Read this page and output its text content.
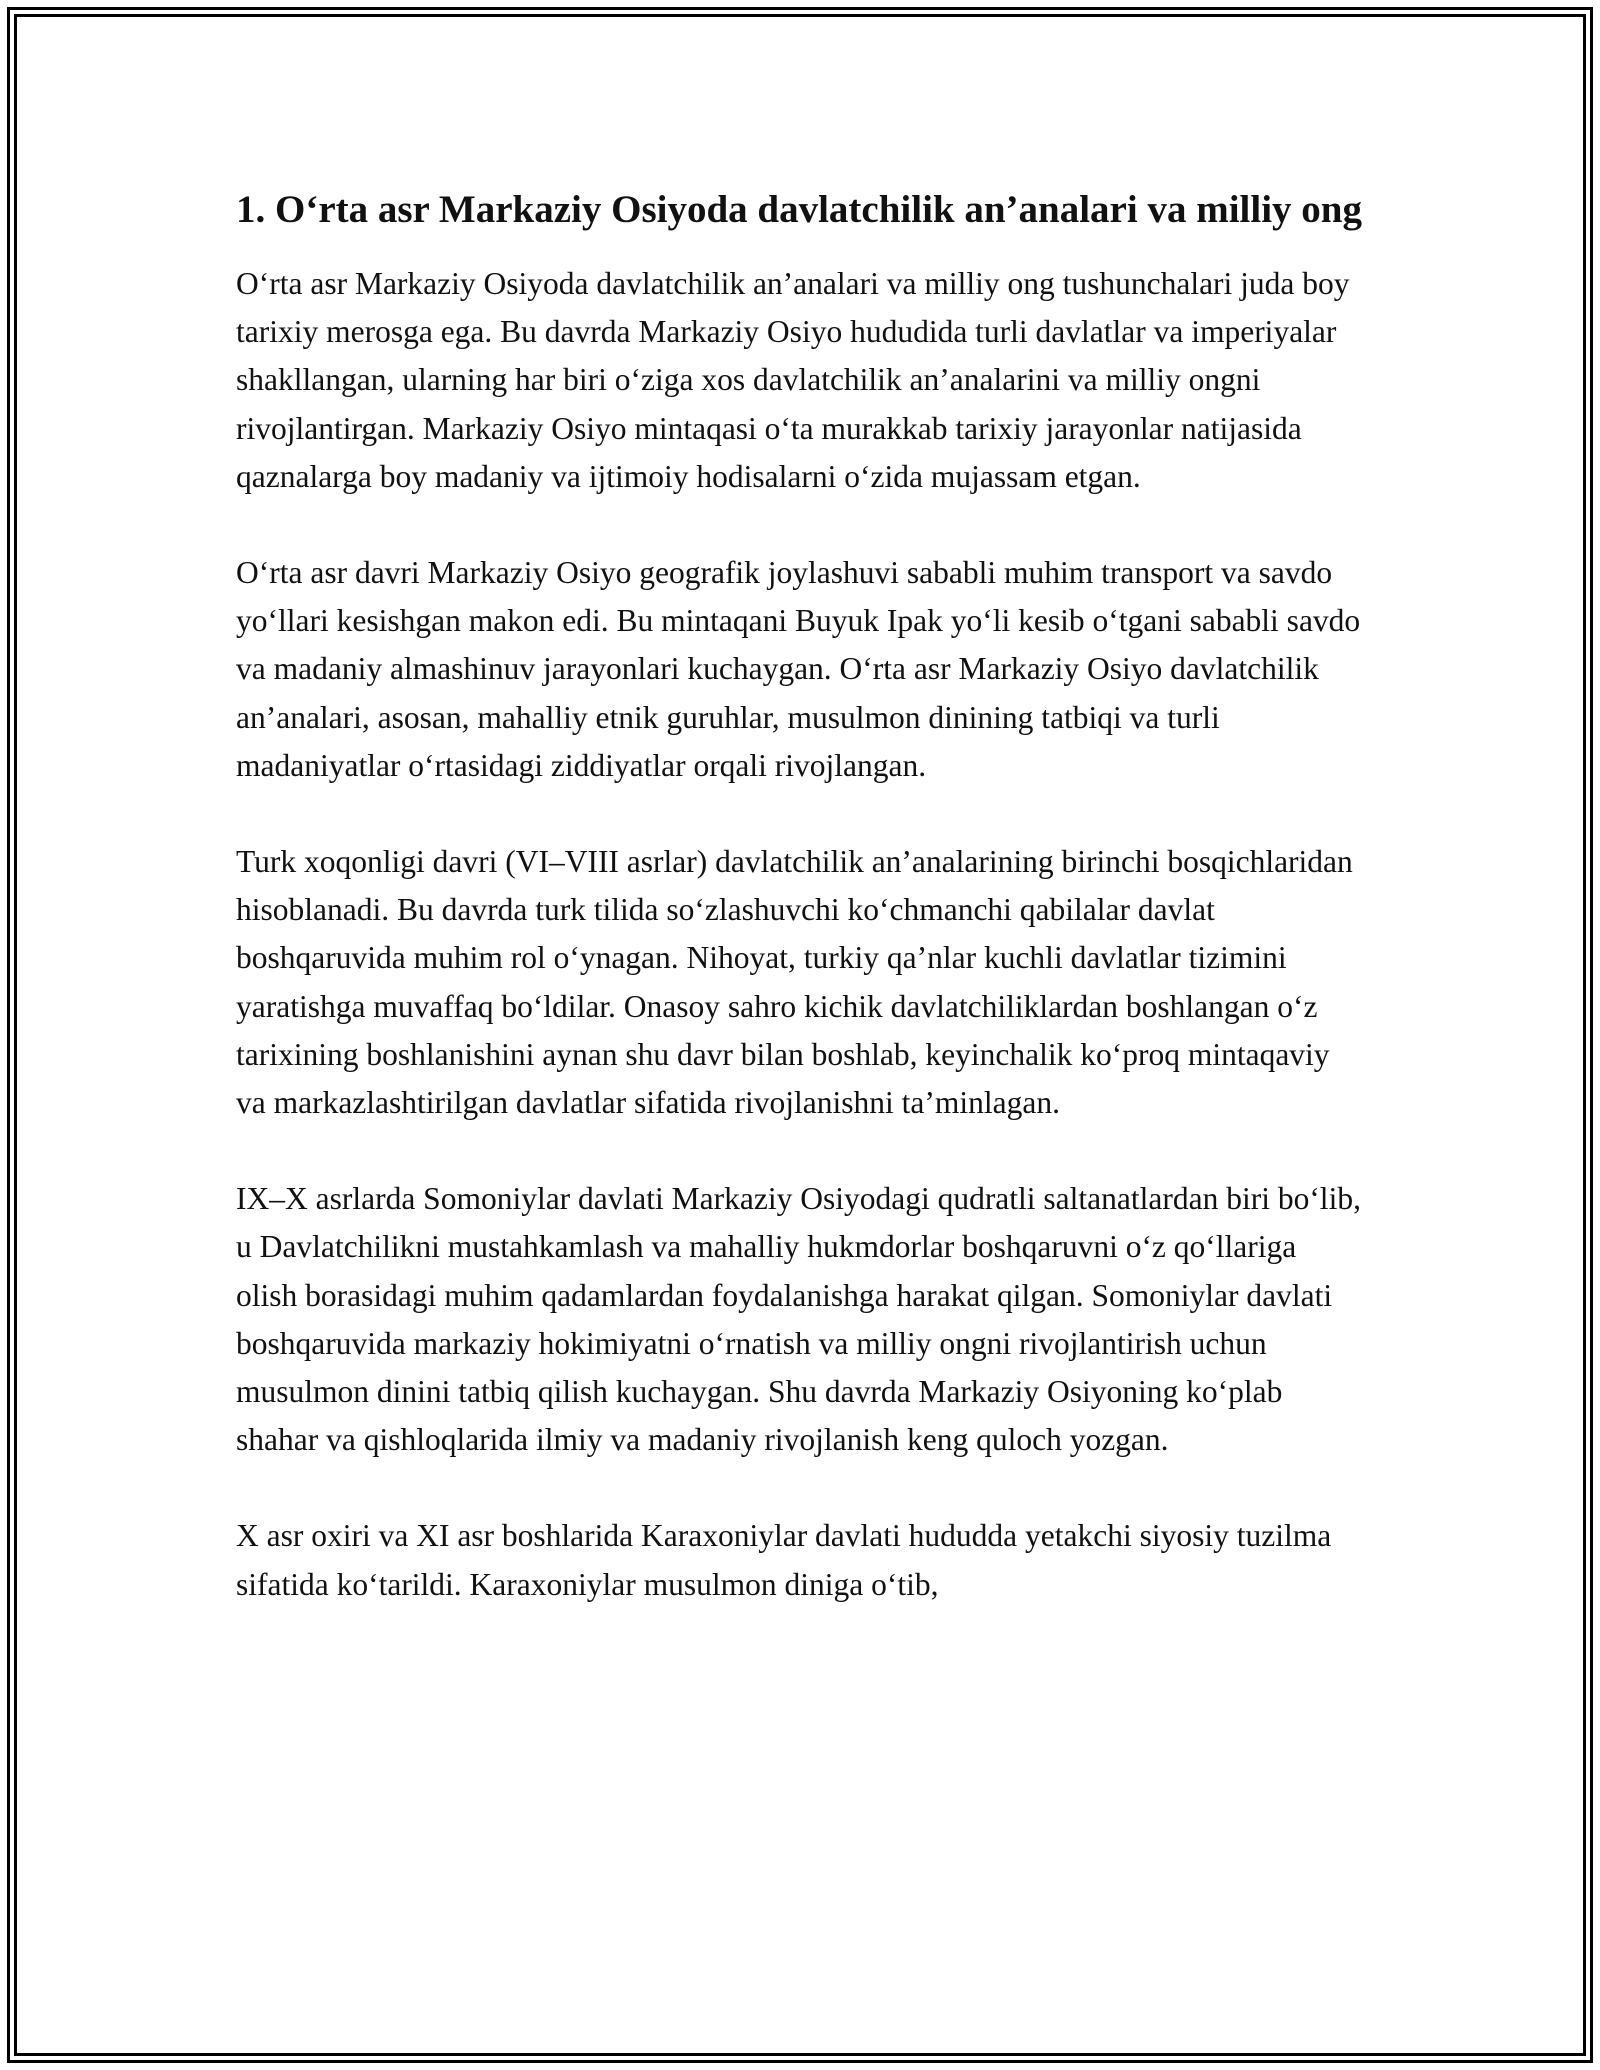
1. O‘rta asr Markaziy Osiyoda davlatchilik an’analari va milliy ong
O‘rta asr Markaziy Osiyoda davlatchilik an’analari va milliy ong tushunchalari juda boy tarixiy merosga ega. Bu davrda Markaziy Osiyo hududida turli davlatlar va imperiyalar shakllangan, ularning har biri o‘ziga xos davlatchilik an’analarini va milliy ongni rivojlantirgan. Markaziy Osiyo mintaqasi o‘ta murakkab tarixiy jarayonlar natijasida qaznalarga boy madaniy va ijtimoiy hodisalarni o‘zida mujassam etgan.
O‘rta asr davri Markaziy Osiyo geografik joylashuvi sababli muhim transport va savdo yo‘llari kesishgan makon edi. Bu mintaqani Buyuk Ipak yo‘li kesib o‘tgani sababli savdo va madaniy almashinuv jarayonlari kuchaygan. O‘rta asr Markaziy Osiyo davlatchilik an’analari, asosan, mahalliy etnik guruhlar, musulmon dinining tatbiqi va turli madaniyatlar o‘rtasidagi ziddiyatlar orqali rivojlangan.
Turk xoqonligi davri (VI–VIII asrlar) davlatchilik an’analarining birinchi bosqichlaridan hisoblanadi. Bu davrda turk tilida so‘zlashuvchi ko‘chmanchi qabilalar davlat boshqaruvida muhim rol o‘ynagan. Nihoyat, turkiy qa’nlar kuchli davlatlar tizimini yaratishga muvaffaq bo‘ldilar. Onasoy sahro kichik davlatchiliklardan boshlangan o‘z tarixining boshlanishini aynan shu davr bilan boshlab, keyinchalik ko‘proq mintaqaviy va markazlashtirilgan davlatlar sifatida rivojlanishni ta’minlagan.
IX–X asrlarda Somoniylar davlati Markaziy Osiyodagi qudratli saltanatlardan biri bo‘lib, u Davlatchilikni mustahkamlash va mahalliy hukmdorlar boshqaruvni o‘z qo‘llariga olish borasidagi muhim qadamlardan foydalanishga harakat qilgan. Somoniylar davlati boshqaruvida markaziy hokimiyatni o‘rnatish va milliy ongni rivojlantirish uchun musulmon dinini tatbiq qilish kuchaygan. Shu davrda Markaziy Osiyoning ko‘plab shahar va qishloqlarida ilmiy va madaniy rivojlanish keng quloch yozgan.
X asr oxiri va XI asr boshlarida Karaxoniylar davlati hududda yetakchi siyosiy tuzilma sifatida ko‘tarildi. Karaxoniylar musulmon diniga o‘tib,
